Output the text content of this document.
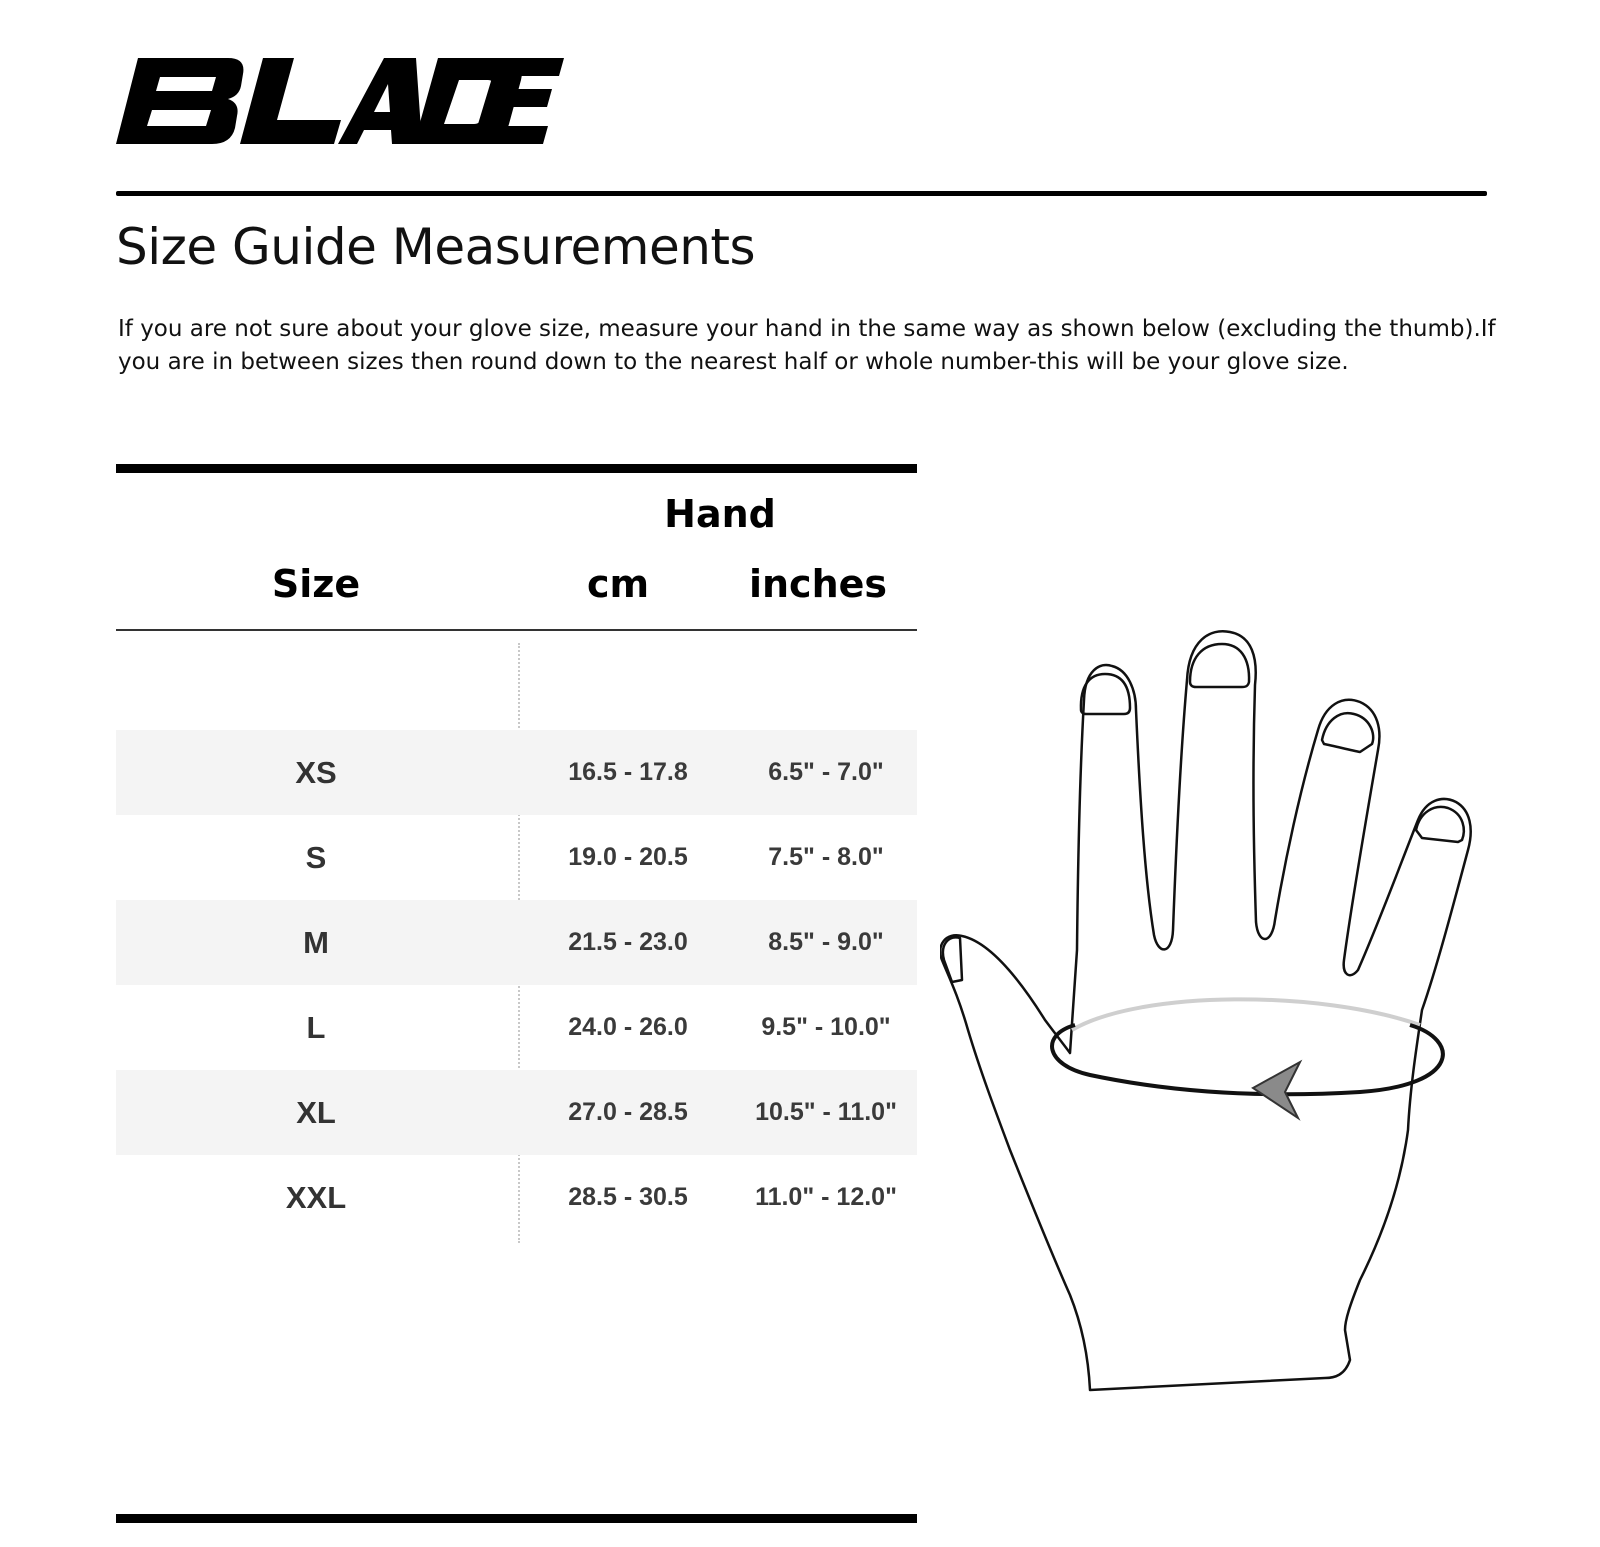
Size Guide Measurements

If you are not sure about your glove size, measure your hand in the same way as shown below (excluding the thumb).If you are in between sizes then round down to the nearest half or whole number-this will be your glove size.

Hand
Size	cm	inches
XS	16.5 - 17.8	6.5" - 7.0"
S	19.0 - 20.5	7.5" - 8.0"
M	21.5 - 23.0	8.5" - 9.0"
L	24.0 - 26.0	9.5" - 10.0"
XL	27.0 - 28.5	10.5" - 11.0"
XXL	28.5 - 30.5	11.0" - 12.0"
